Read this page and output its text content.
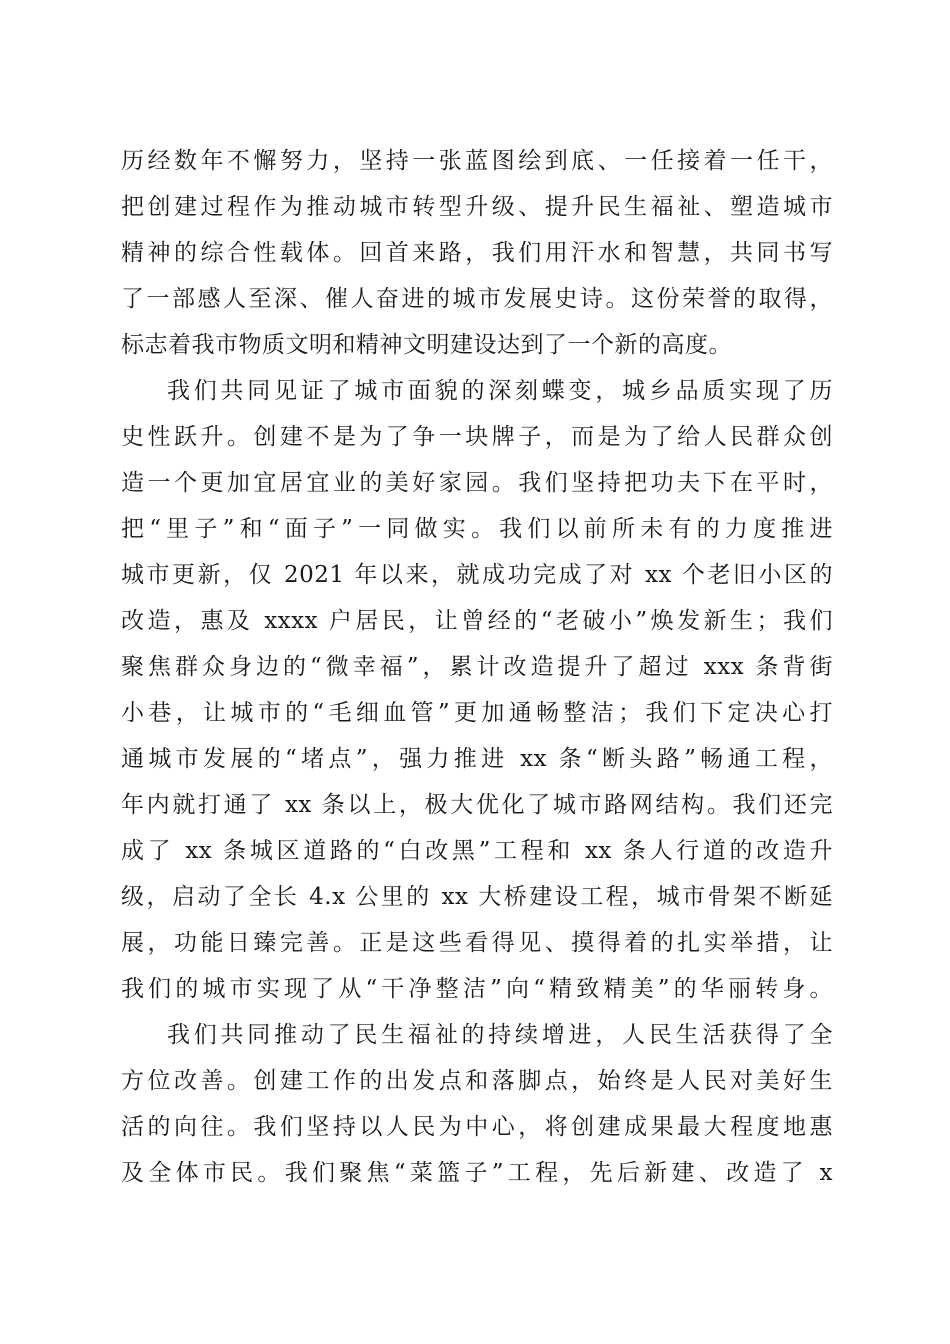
历经数年不懈努力，坚持一张蓝图绘到底、一任接着一任干，
把创建过程作为推动城市转型升级、提升民生福祉、塑造城市
精神的综合性载体。回首来路，我们用汗水和智慧，共同书写
了一部感人至深、催人奋进的城市发展史诗。这份荣誉的取得，
标志着我市物质文明和精神文明建设达到了一个新的高度。
我们共同见证了城市面貌的深刻蝶变，城乡品质实现了历
史性跃升。创建不是为了争一块牌子，而是为了给人民群众创
造一个更加宜居宜业的美好家园。我们坚持把功夫下在平时，
把“里子”和“面子”一同做实。我们以前所未有的力度推进
城市更新，仅 2021 年以来，就成功完成了对 xx 个老旧小区的
改造，惠及 xxxx 户居民，让曾经的“老破小”焕发新生；我们
聚焦群众身边的“微幸福”，累计改造提升了超过 xxx 条背街
小巷，让城市的“毛细血管”更加通畅整洁；我们下定决心打
通城市发展的“堵点”，强力推进 xx 条“断头路”畅通工程，
年内就打通了 xx 条以上，极大优化了城市路网结构。我们还完
成了 xx 条城区道路的“白改黑”工程和 xx 条人行道的改造升
级，启动了全长 4.x 公里的 xx 大桥建设工程，城市骨架不断延
展，功能日臻完善。正是这些看得见、摸得着的扎实举措，让
我们的城市实现了从“干净整洁”向“精致精美”的华丽转身。
我们共同推动了民生福祉的持续增进，人民生活获得了全
方位改善。创建工作的出发点和落脚点，始终是人民对美好生
活的向往。我们坚持以人民为中心，将创建成果最大程度地惠
及全体市民。我们聚焦“菜篮子”工程，先后新建、改造了 x
